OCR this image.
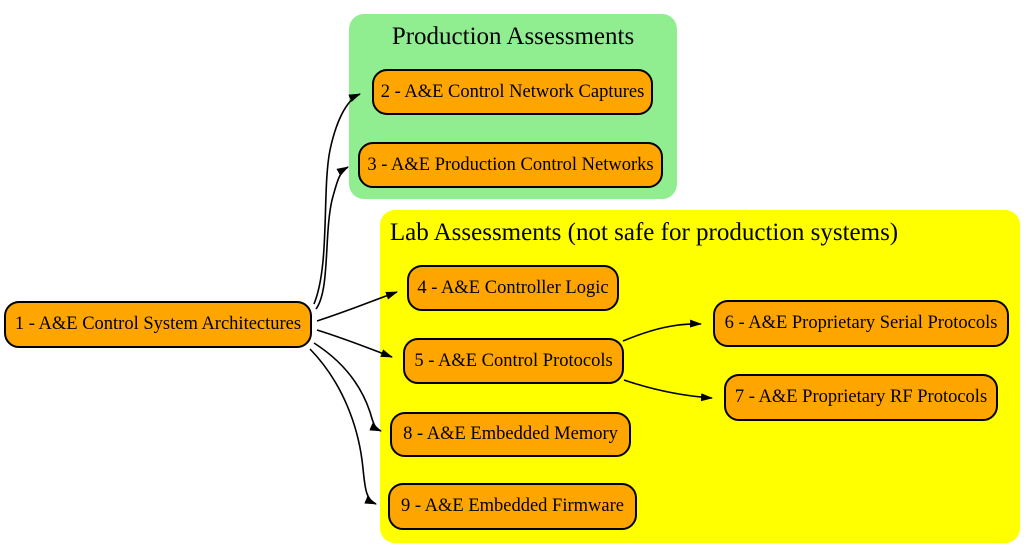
Production Assessments
Lab Assessments (not safe for production systems)
1 - A&E Control System Architectures
2 - A&E Control Network Captures
3 - A&E Production Control Networks
4 - A&E Controller Logic
5 - A&E Control Protocols
6 - A&E Proprietary Serial Protocols
7 - A&E Proprietary RF Protocols
8 - A&E Embedded Memory
9 - A&E Embedded Firmware
